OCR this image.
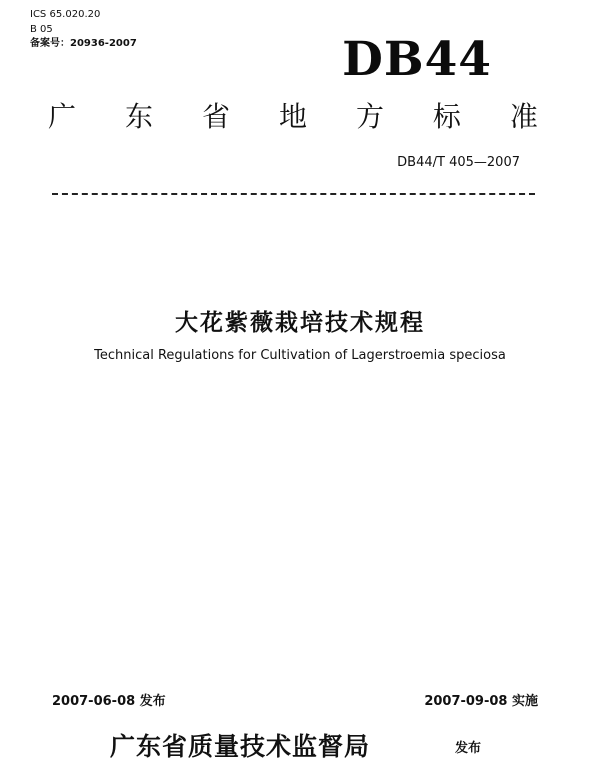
ICS 65.020.20
B 05
备案号：20936-2007	DB44
广 东 省 地 方 标 准
DB44/T 405—2007
大花紫薇栽培技术规程
Technical Regulations for Cultivation of Lagerstroemia speciosa
2007-06-08 发布	2007-09-08 实施
广东省质量技术监督局	发布
